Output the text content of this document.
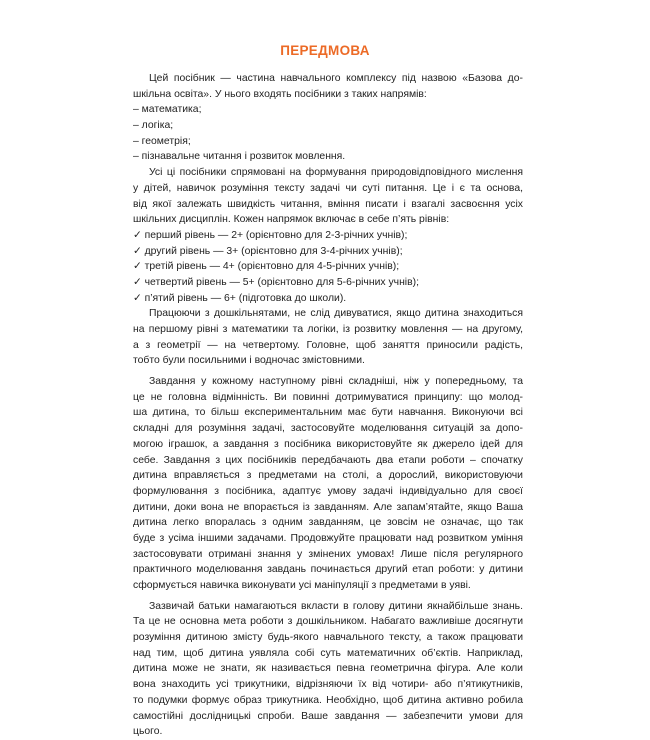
ПЕРЕДМОВА
Цей посібник — частина навчального комплексу під назвою «Базова до-
шкільна освіта». У нього входять посібники з таких напрямів:
– математика;
– логіка;
– геометрія;
– пізнавальне читання і розвиток мовлення.
Усі ці посібники спрямовані на формування природовідповідного мислення
у дітей, навичок розуміння тексту задачі чи суті питання. Це і є та основа,
від якої залежать швидкість читання, вміння писати і взагалі засвоєння усіх
шкільних дисциплін. Кожен напрямок включає в себе п’ять рівнів:
✓ перший рівень — 2+ (орієнтовно для 2-3-річних учнів);
✓ другий рівень — 3+ (орієнтовно для 3-4-річних учнів);
✓ третій рівень — 4+ (орієнтовно для 4-5-річних учнів);
✓ четвертий рівень — 5+ (орієнтовно для 5-6-річних учнів);
✓ п’ятий рівень — 6+ (підготовка до школи).
Працюючи з дошкільнятами, не слід дивуватися, якщо дитина знаходиться
на першому рівні з математики та логіки, із розвитку мовлення — на другому,
а з геометрії — на четвертому. Головне, щоб заняття приносили радість,
тобто були посильними і водночас змістовними.
Завдання у кожному наступному рівні складніші, ніж у попередньому, та
це не головна відмінність. Ви повинні дотримуватися принципу: що молод-
ша дитина, то більш експериментальним має бути навчання. Виконуючи всі
складні для розуміння задачі, застосовуйте моделювання ситуацій за допо-
могою іграшок, а завдання з посібника використовуйте як джерело ідей для
себе. Завдання з цих посібників передбачають два етапи роботи – спочатку
дитина вправляється з предметами на столі, а дорослий, використовуючи
формулювання з посібника, адаптує умову задачі індивідуально для своєї
дитини, доки вона не впорається із завданням. Але запам’ятайте, якщо Ваша
дитина легко впоралась з одним завданням, це зовсім не означає, що так
буде з усіма іншими задачами. Продовжуйте працювати над розвитком уміння
застосовувати отримані знання у змінених умовах! Лише після регулярного
практичного моделювання завдань починається другий етап роботи: у дитини
сформується навичка виконувати усі маніпуляції з предметами в уяві.
Зазвичай батьки намагаються вкласти в голову дитини якнайбільше знань.
Та це не основна мета роботи з дошкільником. Набагато важливіше досягнути
розуміння дитиною змісту будь-якого навчального тексту, а також працювати
над тим, щоб дитина уявляла собі суть математичних об’єктів. Наприклад,
дитина може не знати, як називається певна геометрична фігура. Але коли
вона знаходить усі трикутники, відрізняючи їх від чотири- або п’ятикутників,
то подумки формує образ трикутника. Необхідно, щоб дитина активно робила
самостійні дослідницькі спроби. Ваше завдання — забезпечити умови для
цього.
